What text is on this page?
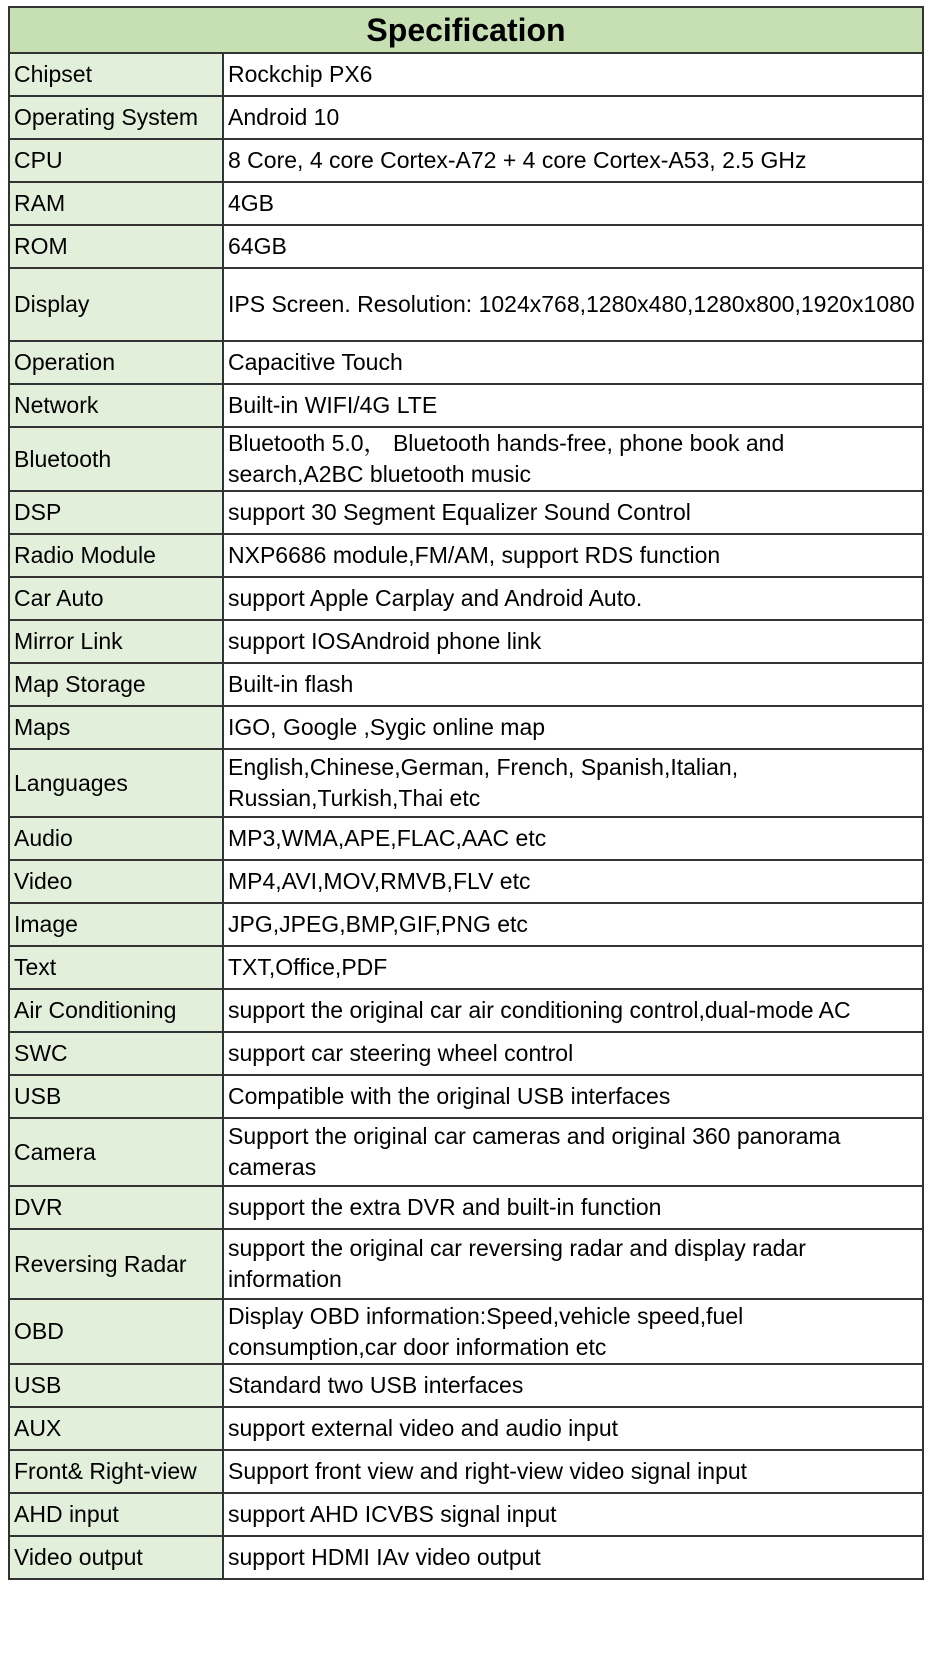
Specification	
Chipset	Rockchip PX6
Operating System	Android 10
CPU	8 Core, 4 core Cortex-A72 + 4 core Cortex-A53, 2.5 GHz
RAM	4GB
ROM	64GB
Display	IPS Screen. Resolution: 1024x768,1280x480,1280x800,1920x1080
Operation	Capacitive Touch
Network	Built-in WIFI/4G LTE
Bluetooth	Bluetooth 5.0， Bluetooth hands-free, phone book and search,A2BC bluetooth music
DSP	support 30 Segment Equalizer Sound Control
Radio Module	NXP6686 module,FM/AM, support RDS function
Car Auto	support Apple Carplay and Android Auto.
Mirror Link	support IOSAndroid phone link
Map Storage	Built-in flash
Maps	IGO, Google ,Sygic online map
Languages	English,Chinese,German, French, Spanish,Italian, Russian,Turkish,Thai etc
Audio	MP3,WMA,APE,FLAC,AAC etc
Video	MP4,AVI,MOV,RMVB,FLV etc
Image	JPG,JPEG,BMP,GIF,PNG etc
Text	TXT,Office,PDF
Air Conditioning	support the original car air conditioning control,dual-mode AC
SWC	support car steering wheel control
USB	Compatible with the original USB interfaces
Camera	Support the original car cameras and original 360 panorama cameras
DVR	support the extra DVR and built-in function
Reversing Radar	support the original car reversing radar and display radar information
OBD	Display OBD information:Speed,vehicle speed,fuel consumption,car door information etc
USB	Standard two USB interfaces
AUX	support external video and audio input
Front& Right-view	Support front view and right-view video signal input
AHD input	support AHD ICVBS signal input
Video output	support HDMI IAv video output
